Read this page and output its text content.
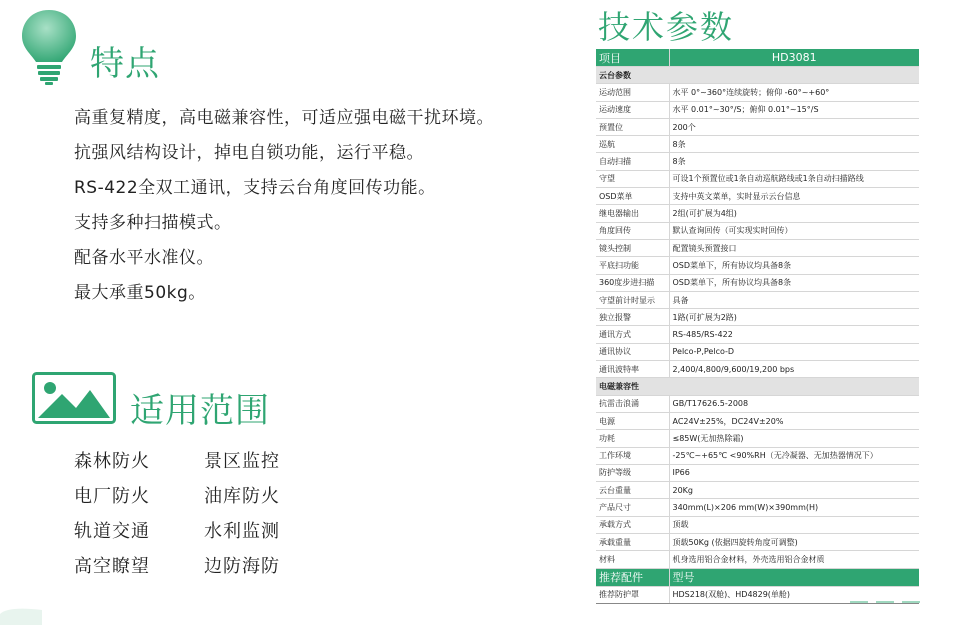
特点
高重复精度，高电磁兼容性，可适应强电磁干扰环境。
抗强风结构设计，掉电自锁功能，运行平稳。
RS-422全双工通讯，支持云台角度回传功能。
支持多种扫描模式。
配备水平水准仪。
最大承重50kg。
适用范围
森林防火	景区监控
电厂防火	油库防火
轨道交通	水利监测
高空瞭望	边防海防
技术参数
项目	HD3081
云台参数	
运动范围	水平 0°~360°连续旋转；俯仰 -60°~+60°
运动速度	水平 0.01°~30°/S；俯仰 0.01°~15°/S
预置位	200个
巡航	8条
自动扫描	8条
守望	可设1个预置位或1条自动巡航路线或1条自动扫描路线
OSD菜单	支持中英文菜单，实时显示云台信息
继电器输出	2组(可扩展为4组)
角度回传	默认查询回传（可实现实时回传）
镜头控制	配置镜头预置接口
平底扫功能	OSD菜单下，所有协议均具备8条
360度步进扫描	OSD菜单下，所有协议均具备8条
守望前计时显示	具备
独立报警	1路(可扩展为2路)
通讯方式	RS-485/RS-422
通讯协议	Pelco-P,Pelco-D
通讯波特率	2,400/4,800/9,600/19,200 bps
电磁兼容性	
抗雷击浪涌	GB/T17626.5-2008
电源	AC24V±25%，DC24V±20%
功耗	≤85W(无加热除霜)
工作环境	-25℃~+65℃ <90%RH（无冷凝器、无加热器情况下）
防护等级	IP66
云台重量	20Kg
产品尺寸	340mm(L)×206 mm(W)×390mm(H)
承载方式	顶载
承载重量	顶载50Kg (依据四旋转角度可调整)
材料	机身选用铝合金材料，外壳选用铝合金材质
推荐配件	型号
推荐防护罩	HDS218(双舱)、HD4829(单舱)
